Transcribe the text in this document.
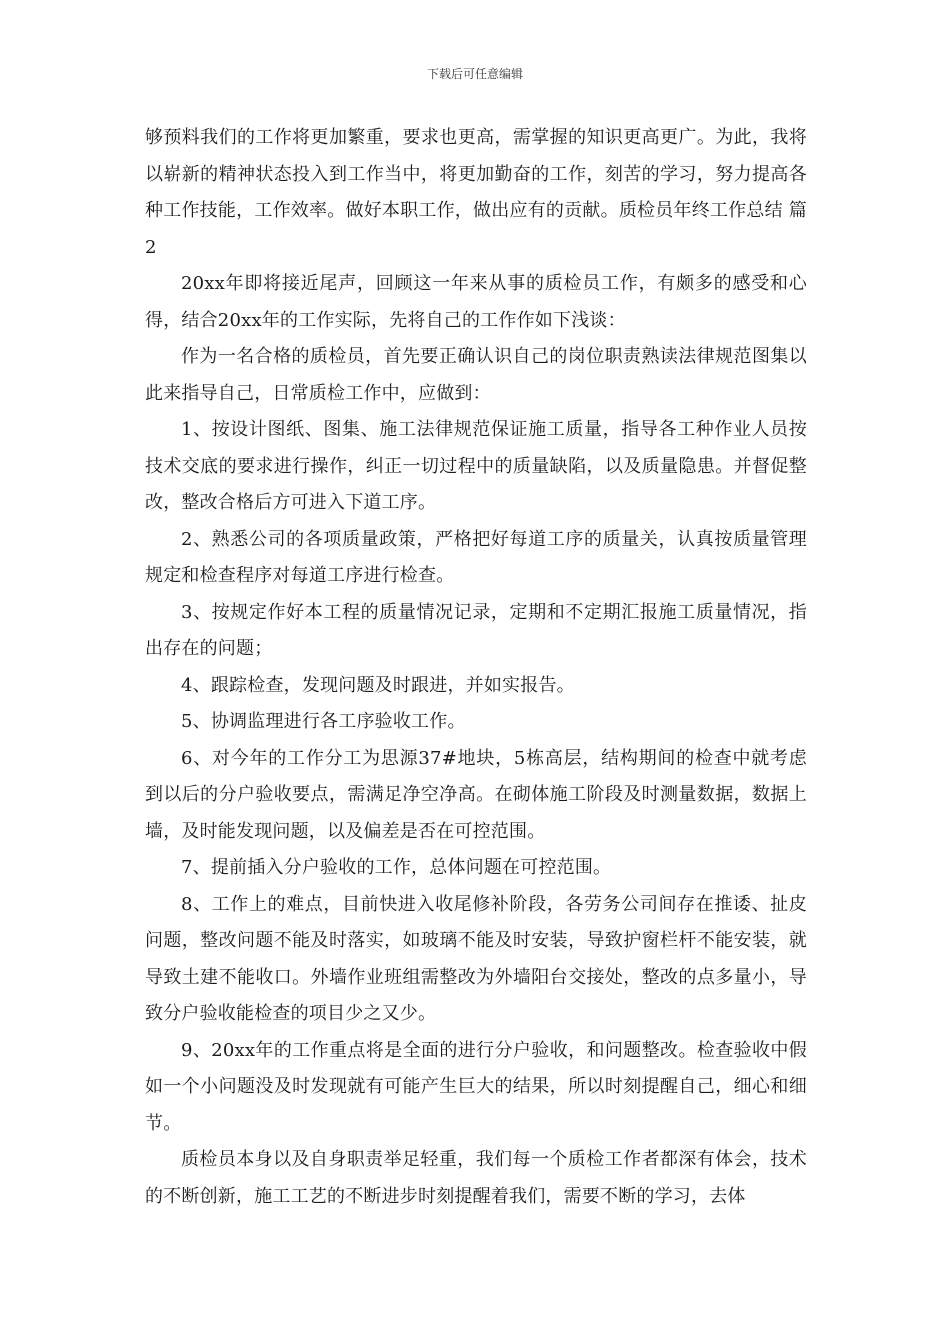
下载后可任意编辑

够预料我们的工作将更加繁重，要求也更高，需掌握的知识更高更广。为此，我将以崭新的精神状态投入到工作当中，将更加勤奋的工作，刻苦的学习，努力提高各种工作技能，工作效率。做好本职工作，做出应有的贡献。质检员年终工作总结 篇2

20xx年即将接近尾声，回顾这一年来从事的质检员工作，有颇多的感受和心得，结合20xx年的工作实际，先将自己的工作作如下浅谈：

作为一名合格的质检员，首先要正确认识自己的岗位职责熟读法律规范图集以此来指导自己，日常质检工作中，应做到：

1、按设计图纸、图集、施工法律规范保证施工质量，指导各工种作业人员按技术交底的要求进行操作，纠正一切过程中的质量缺陷，以及质量隐患。并督促整改，整改合格后方可进入下道工序。

2、熟悉公司的各项质量政策，严格把好每道工序的质量关，认真按质量管理规定和检查程序对每道工序进行检查。

3、按规定作好本工程的质量情况记录，定期和不定期汇报施工质量情况，指出存在的问题；

4、跟踪检查，发现问题及时跟进，并如实报告。

5、协调监理进行各工序验收工作。

6、对今年的工作分工为思源37#地块，5栋高层，结构期间的检查中就考虑到以后的分户验收要点，需满足净空净高。在砌体施工阶段及时测量数据，数据上墙，及时能发现问题，以及偏差是否在可控范围。

7、提前插入分户验收的工作，总体问题在可控范围。

8、工作上的难点，目前快进入收尾修补阶段，各劳务公司间存在推诿、扯皮问题，整改问题不能及时落实，如玻璃不能及时安装，导致护窗栏杆不能安装，就导致土建不能收口。外墙作业班组需整改为外墙阳台交接处，整改的点多量小，导致分户验收能检查的项目少之又少。

9、20xx年的工作重点将是全面的进行分户验收，和问题整改。检查验收中假如一个小问题没及时发现就有可能产生巨大的结果，所以时刻提醒自己，细心和细节。

质检员本身以及自身职责举足轻重，我们每一个质检工作者都深有体会，技术的不断创新，施工工艺的不断进步时刻提醒着我们，需要不断的学习，去体
